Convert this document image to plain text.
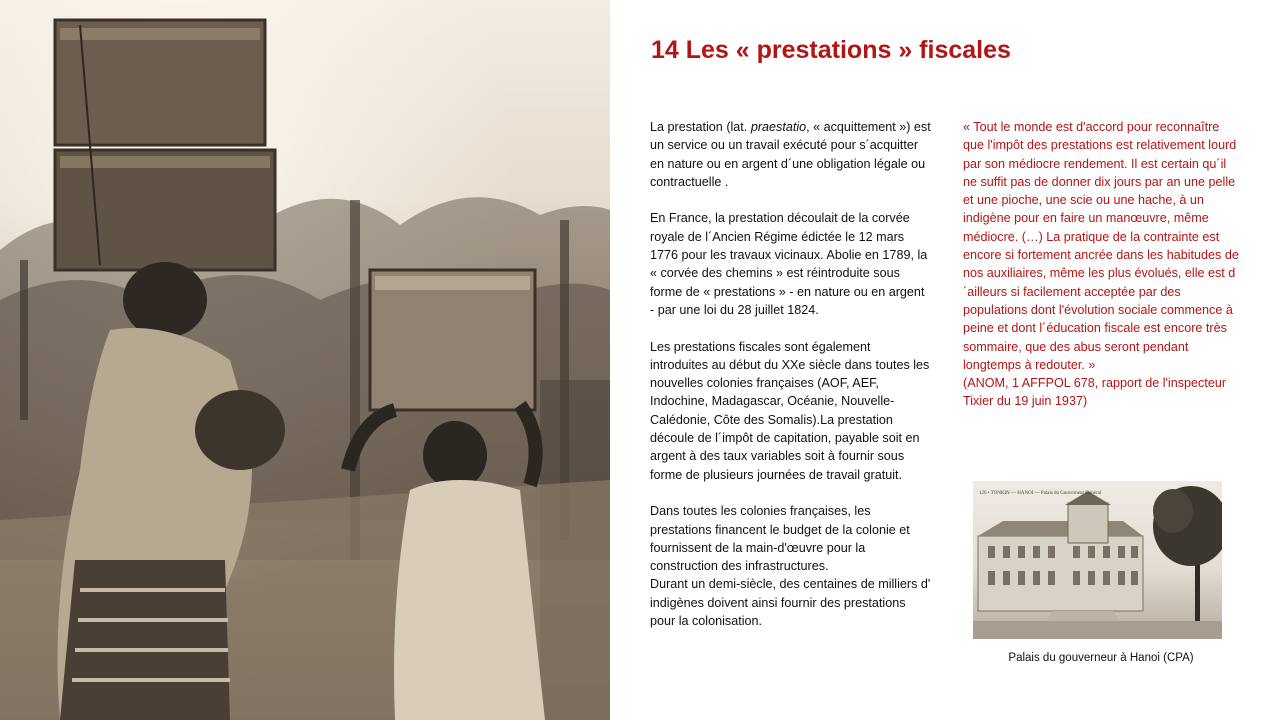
14 Les « prestations » fiscales

La prestation (lat. praestatio, « acquittement ») est un service ou un travail exécuté pour s´acquitter en nature ou en argent d´une obligation légale ou contractuelle .

En France, la prestation découlait de la corvée royale de l´Ancien Régime édictée le 12 mars 1776 pour les travaux vicinaux. Abolie en 1789, la « corvée des chemins » est réintroduite sous forme de « prestations » - en nature ou en argent - par une loi du 28 juillet 1824.

Les prestations fiscales sont également introduites au début du XXe siècle dans toutes les nouvelles colonies françaises (AOF, AEF, Indochine, Madagascar, Océanie, Nouvelle-Calédonie, Côte des Somalis).La prestation découle de l´impôt de capitation, payable soit en argent à des taux variables soit à fournir sous forme de plusieurs journées de travail gratuit.

Dans toutes les colonies françaises, les prestations financent le budget de la colonie et fournissent de la main-d'œuvre pour la construction des infrastructures.

Durant un demi-siècle, des centaines de milliers d' indigènes doivent ainsi fournir des prestations pour la colonisation.

« Tout le monde est d'accord pour reconnaître que l'impôt des prestations est relativement lourd par son médiocre rendement. Il est certain qu´il ne suffit pas de donner dix jours par an une pelle et une pioche, une scie ou une hache, à un indigène pour en faire un manœuvre, même médiocre. (…) La pratique de la contrainte est encore si fortement ancrée dans les habitudes de nos auxiliaires, même les plus évolués, elle est d´ailleurs si facilement acceptée par des populations dont l'évolution sociale commence à peine et dont l´éducation fiscale est encore très sommaire, que des abus seront pendant longtemps à redouter. »

(ANOM, 1 AFFPOL 678, rapport de l'inspecteur Tixier du 19 juin 1937)

126 • TONKIN — HANOI — Palais du Gouverneur Général
Palais du gouverneur à Hanoi (CPA)
